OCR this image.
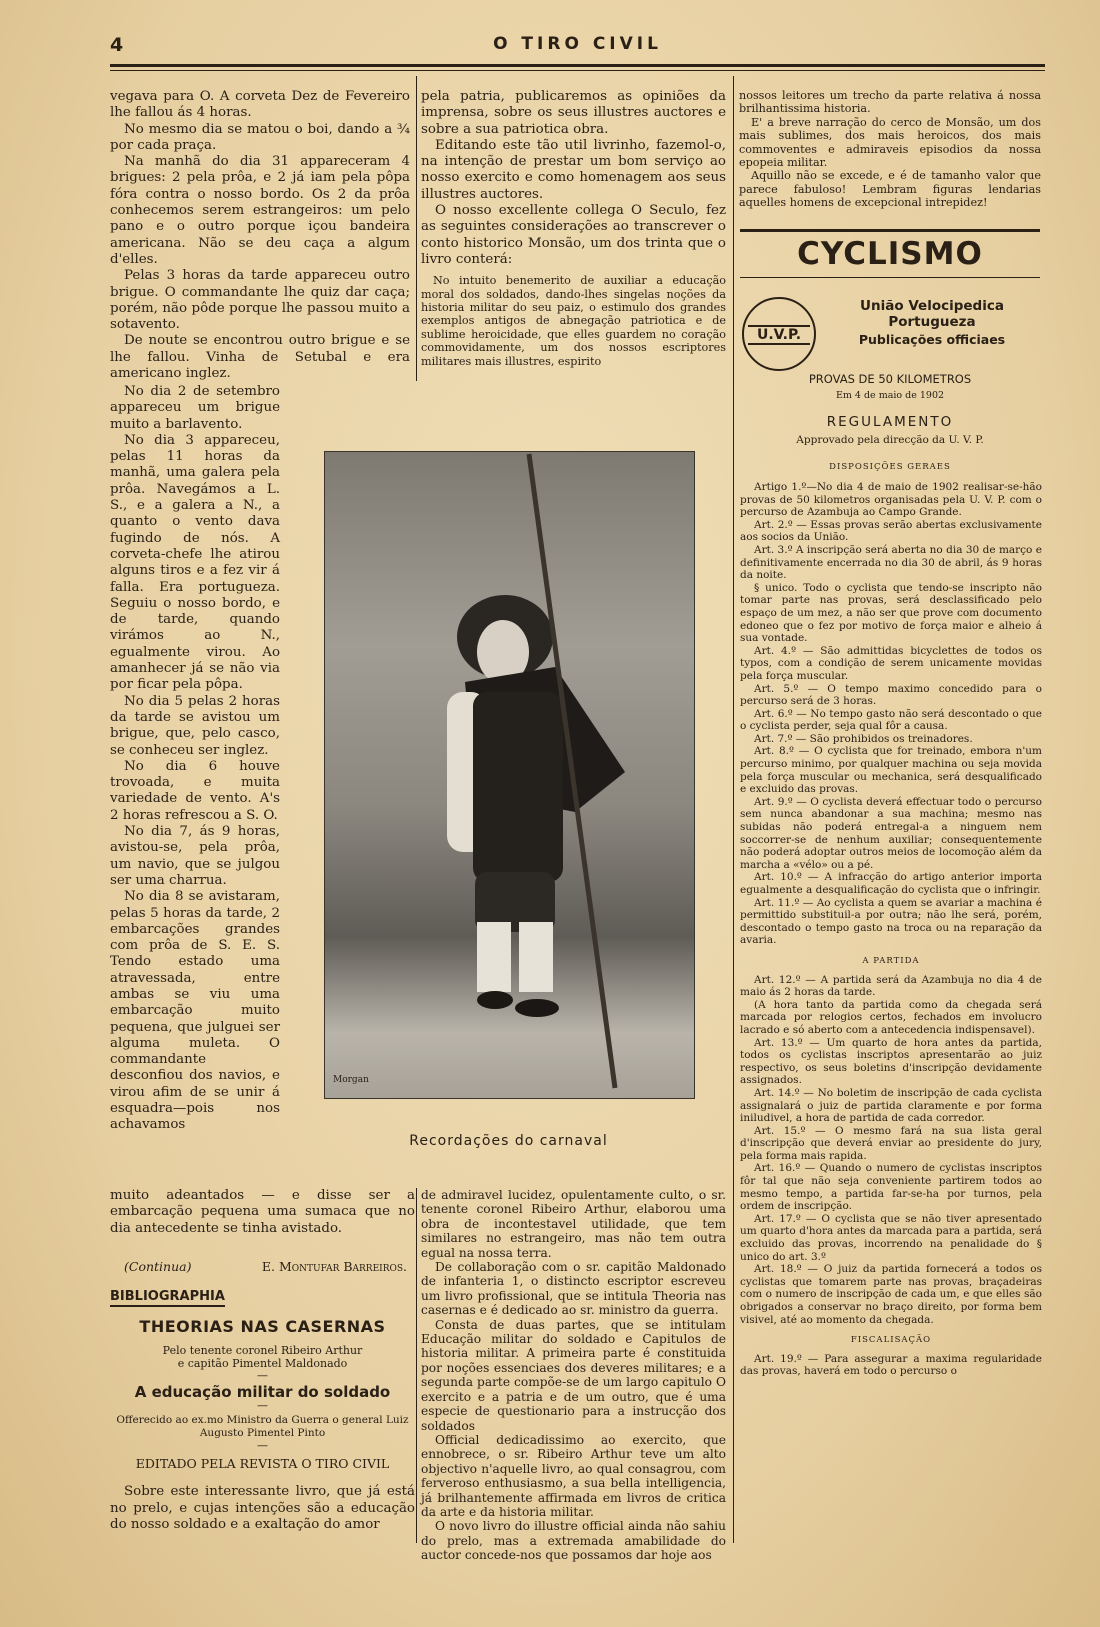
4	O TIRO CIVIL

vegava para O. A corveta Dez de Fevereiro lhe fallou ás 4 horas.

No mesmo dia se matou o boi, dando a ¾ por cada praça.

Na manhã do dia 31 appareceram 4 brigues: 2 pela prôa, e 2 já iam pela pôpa fóra contra o nosso bordo. Os 2 da prôa conhecemos serem estrangeiros: um pelo pano e o outro porque içou bandeira americana. Não se deu caça a algum d'elles.

Pelas 3 horas da tarde appareceu outro brigue. O commandante lhe quiz dar caça; porém, não pôde porque lhe passou muito a sotavento.

De noute se encontrou outro brigue e se lhe fallou. Vinha de Setubal e era americano inglez.

No dia 2 de setembro appareceu um brigue muito a barlavento.

No dia 3 appareceu, pelas 11 horas da manhã, uma galera pela prôa. Navegámos a L. S., e a galera a N., a quanto o vento dava fugindo de nós. A corveta-chefe lhe atirou alguns tiros e a fez vir á falla. Era portugueza. Seguiu o nosso bordo, e de tarde, quando virámos ao N., egualmente virou. Ao amanhecer já se não via por ficar pela pôpa.

No dia 5 pelas 2 horas da tarde se avistou um brigue, que, pelo casco, se conheceu ser inglez.

No dia 6 houve trovoada, e muita variedade de vento. A's 2 horas refrescou a S. O.

No dia 7, ás 9 horas, avistou-se, pela prôa, um navio, que se julgou ser uma charrua.

No dia 8 se avistaram, pelas 5 horas da tarde, 2 embarcações grandes com prôa de S. E. S. Tendo estado uma atravessada, entre ambas se viu uma embarcação muito pequena, que julguei ser alguma muleta. O commandante desconfiou dos navios, e virou afim de se unir á esquadra—pois nos achavamos

muito adeantados — e disse ser a embarcação pequena uma sumaca que no dia antecedente se tinha avistado.

(Continua)	E. Montufar Barreiros.
BIBLIOGRAPHIA
THEORIAS NAS CASERNAS
Pelo tenente coronel Ribeiro Arthur
e capitão Pimentel Maldonado
—
A educação militar do soldado
—
Offerecido ao ex.mo Ministro da Guerra o general Luiz Augusto Pimentel Pinto
—
EDITADO PELA REVISTA O TIRO CIVIL

Sobre este interessante livro, que já está no prelo, e cujas intenções são a educação do nosso soldado e a exaltação do amor

pela patria, publicaremos as opiniões da imprensa, sobre os seus illustres auctores e sobre a sua patriotica obra.

Editando este tão util livrinho, fazemol-o, na intenção de prestar um bom serviço ao nosso exercito e como homenagem aos seus illustres auctores.

O nosso excellente collega O Seculo, fez as seguintes considerações ao transcrever o conto historico Monsão, um dos trinta que o livro conterá:

No intuito benemerito de auxiliar a educação moral dos soldados, dando-lhes singelas noções da historia militar do seu paiz, o estimulo dos grandes exemplos antigos de abnegação patriotica e de sublime heroicidade, que elles guardem no coração commovidamente, um dos nossos escriptores militares mais illustres, espirito

Morgan
Recordações do carnaval

de admiravel lucidez, opulentamente culto, o sr. tenente coronel Ribeiro Arthur, elaborou uma obra de incontestavel utilidade, que tem similares no estrangeiro, mas não tem outra egual na nossa terra.

De collaboração com o sr. capitão Maldonado de infanteria 1, o distincto escriptor escreveu um livro profissional, que se intitula Theoria nas casernas e é dedicado ao sr. ministro da guerra.

Consta de duas partes, que se intitulam Educação militar do soldado e Capitulos de historia militar. A primeira parte é constituida por noções essenciaes dos deveres militares; e a segunda parte compõe-se de um largo capitulo O exercito e a patria e de um outro, que é uma especie de questionario para a instrucção dos soldados

Official dedicadissimo ao exercito, que ennobrece, o sr. Ribeiro Arthur teve um alto objectivo n'aquelle livro, ao qual consagrou, com ferveroso enthusiasmo, a sua bella intelligencia, já brilhantemente affirmada em livros de critica da arte e da historia militar.

O novo livro do illustre official ainda não sahiu do prelo, mas a extremada amabilidade do auctor concede-nos que possamos dar hoje aos

nossos leitores um trecho da parte relativa á nossa brilhantissima historia.

E' a breve narração do cerco de Monsão, um dos mais sublimes, dos mais heroicos, dos mais commoventes e admiraveis episodios da nossa epopeia militar.

Aquillo não se excede, e é de tamanho valor que parece fabuloso! Lembram figuras lendarias aquelles homens de excepcional intrepidez!

CYCLISMO
U.V.P.
União Velocipedica Portugueza
Publicações officiaes
PROVAS DE 50 KILOMETROS
Em 4 de maio de 1902
REGULAMENTO
Approvado pela direcção da U. V. P.
DISPOSIÇÕES GERAES

Artigo 1.º—No dia 4 de maio de 1902 realisar-se-hão provas de 50 kilometros organisadas pela U. V. P. com o percurso de Azambuja ao Campo Grande.

Art. 2.º — Essas provas serão abertas exclusivamente aos socios da União.

Art. 3.º A inscripção será aberta no dia 30 de março e definitivamente encerrada no dia 30 de abril, ás 9 horas da noite.

§ unico. Todo o cyclista que tendo-se inscripto não tomar parte nas provas, será desclassificado pelo espaço de um mez, a não ser que prove com documento edoneo que o fez por motivo de força maior e alheio á sua vontade.

Art. 4.º — São admittidas bicyclettes de todos os typos, com a condição de serem unicamente movidas pela força muscular.

Art. 5.º — O tempo maximo concedido para o percurso será de 3 horas.

Art. 6.º — No tempo gasto não será descontado o que o cyclista perder, seja qual fôr a causa.

Art. 7.º — São prohibidos os treinadores.

Art. 8.º — O cyclista que for treinado, embora n'um percurso minimo, por qualquer machina ou seja movida pela força muscular ou mechanica, será desqualificado e excluido das provas.

Art. 9.º — O cyclista deverá effectuar todo o percurso sem nunca abandonar a sua machina; mesmo nas subidas não poderá entregal-a a ninguem nem soccorrer-se de nenhum auxiliar; consequentemente não poderá adoptar outros meios de locomoção além da marcha a «vélo» ou a pé.

Art. 10.º — A infracção do artigo anterior importa egualmente a desqualificação do cyclista que o infringir.

Art. 11.º — Ao cyclista a quem se avariar a machina é permittido substituil-a por outra; não lhe será, porém, descontado o tempo gasto na troca ou na reparação da avaria.

A PARTIDA

Art. 12.º — A partida será da Azambuja no dia 4 de maio ás 2 horas da tarde.

(A hora tanto da partida como da chegada será marcada por relogios certos, fechados em involucro lacrado e só aberto com a antecedencia indispensavel).

Art. 13.º — Um quarto de hora antes da partida, todos os cyclistas inscriptos apresentarão ao juiz respectivo, os seus boletins d'inscripção devidamente assignados.

Art. 14.º — No boletim de inscripção de cada cyclista assignalará o juiz de partida claramente e por forma iniludivel, a hora de partida de cada corredor.

Art. 15.º — O mesmo fará na sua lista geral d'inscripção que deverá enviar ao presidente do jury, pela forma mais rapida.

Art. 16.º — Quando o numero de cyclistas inscriptos fôr tal que não seja conveniente partirem todos ao mesmo tempo, a partida far-se-ha por turnos, pela ordem de inscripção.

Art. 17.º — O cyclista que se não tiver apresentado um quarto d'hora antes da marcada para a partida, será excluido das provas, incorrendo na penalidade do § unico do art. 3.º

Art. 18.º — O juiz da partida fornecerá a todos os cyclistas que tomarem parte nas provas, braçadeiras com o numero de inscripção de cada um, e que elles são obrigados a conservar no braço direito, por forma bem visivel, até ao momento da chegada.

FISCALISAÇÃO

Art. 19.º — Para assegurar a maxima regularidade das provas, haverá em todo o percurso o
